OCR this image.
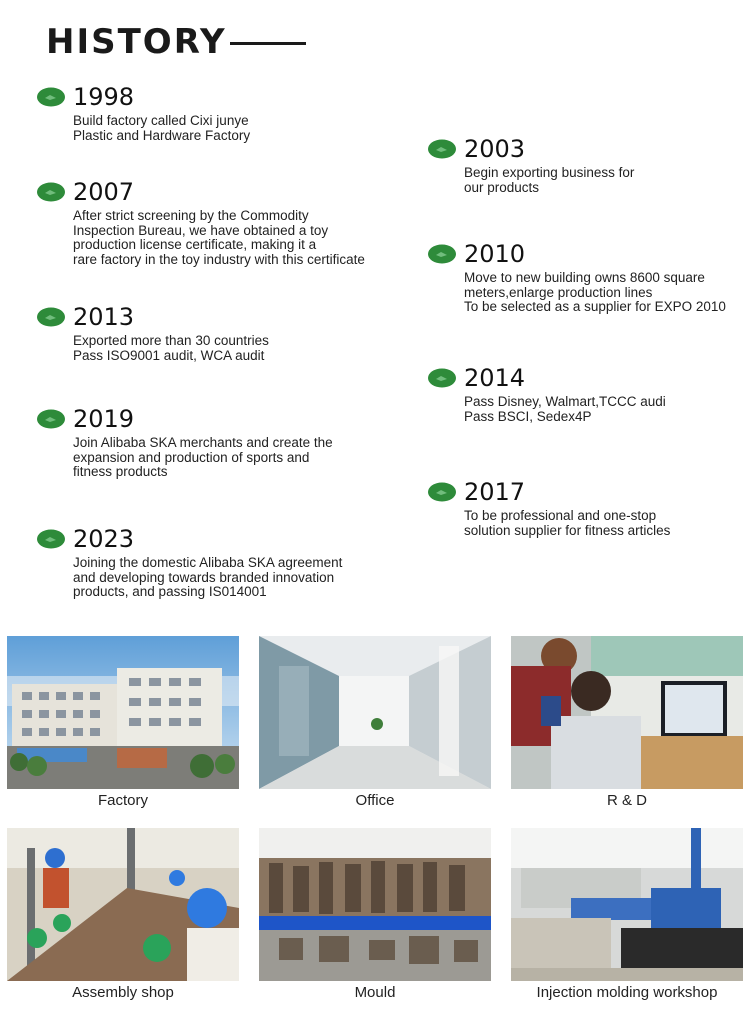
HISTORY
1998
Build factory called Cixi junye
Plastic and Hardware Factory
2007
After strict screening by the Commodity
Inspection Bureau, we have obtained a toy
production license certificate, making it a
rare factory in the toy industry with this certificate
2013
Exported more than 30 countries
Pass ISO9001 audit, WCA audit
2019
Join Alibaba SKA merchants and create the
expansion and production of sports and
fitness products
2023
Joining the domestic Alibaba SKA agreement
and developing towards branded innovation
products, and passing IS014001
2003
Begin exporting business for
our products
2010
Move to new building owns 8600 square
meters,enlarge production lines
To be selected as a supplier for EXPO 2010
2014
Pass Disney, Walmart,TCCC audi
Pass BSCI, Sedex4P
2017
To be professional and one-stop
solution supplier for fitness articles
Factory	Office	R & D
Assembly shop	Mould	Injection molding workshop
